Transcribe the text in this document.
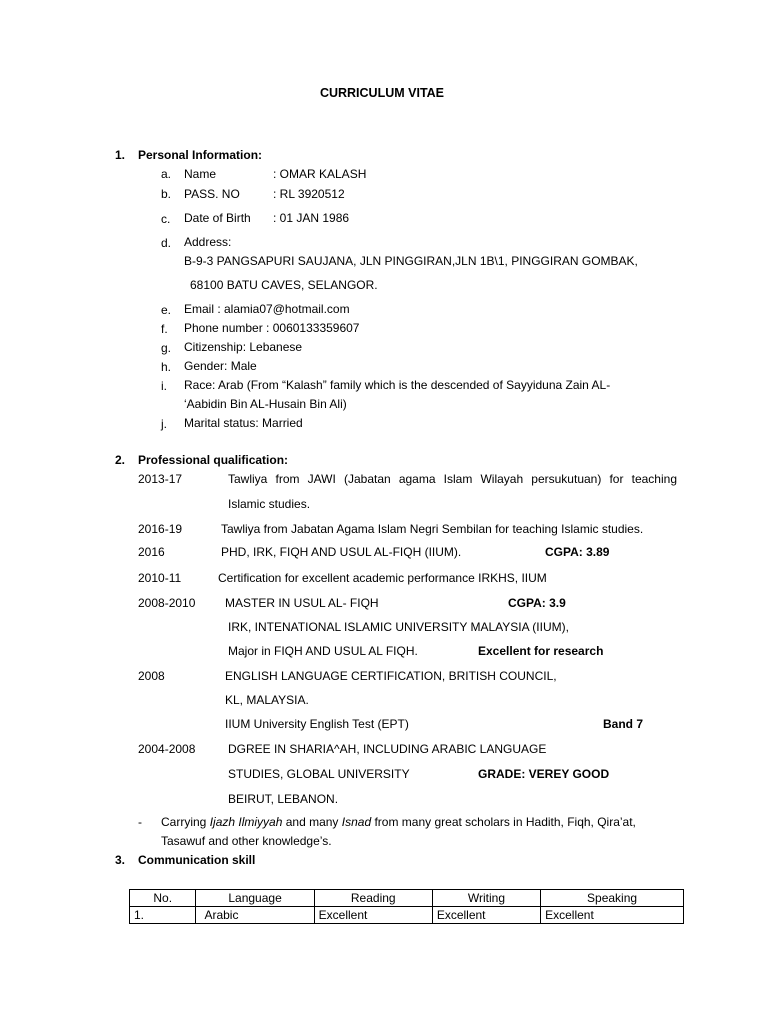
CURRICULUM VITAE
1. Personal Information:
a. Name	: OMAR KALASH
b. PASS. NO	: RL 3920512
c. Date of Birth : 01 JAN 1986
d. Address:
B-9-3 PANGSAPURI SAUJANA, JLN PINGGIRAN,JLN 1B\1, PINGGIRAN GOMBAK,
68100 BATU CAVES, SELANGOR.
e. Email : alamia07@hotmail.com
f. Phone number : 0060133359607
g. Citizenship: Lebanese
h. Gender: Male
i. Race: Arab (From “Kalash” family which is the descended of Sayyiduna Zain AL-
‘Aabidin Bin AL-Husain Bin Ali)
j. Marital status: Married
2. Professional qualification:
2013-17	Tawliya from JAWI (Jabatan agama Islam Wilayah persukutuan) for teaching
Islamic studies.
2016-19	Tawliya from Jabatan Agama Islam Negri Sembilan for teaching Islamic studies.
2016	PHD, IRK, FIQH AND USUL AL-FIQH (IIUM).	CGPA: 3.89
2010-11	Certification for excellent academic performance IRKHS, IIUM
2008-2010 MASTER IN USUL AL- FIQH	CGPA: 3.9
IRK, INTENATIONAL ISLAMIC UNIVERSITY MALAYSIA (IIUM),
Major in FIQH AND USUL AL FIQH.	Excellent for research
2008	ENGLISH LANGUAGE CERTIFICATION, BRITISH COUNCIL,
KL, MALAYSIA.
IIUM University English Test (EPT)	Band 7
2004-2008	DGREE IN SHARIA^AH, INCLUDING ARABIC LANGUAGE
STUDIES, GLOBAL UNIVERSITY	GRADE: VEREY GOOD
BEIRUT, LEBANON.
- Carrying Ijazh Ilmiyyah and many Isnad from many great scholars in Hadith, Fiqh, Qira’at,
Tasawuf and other knowledge’s.
3. Communication skill
No.	Language	Reading	Writing	Speaking
1.	Arabic	Excellent	Excellent	Excellent
